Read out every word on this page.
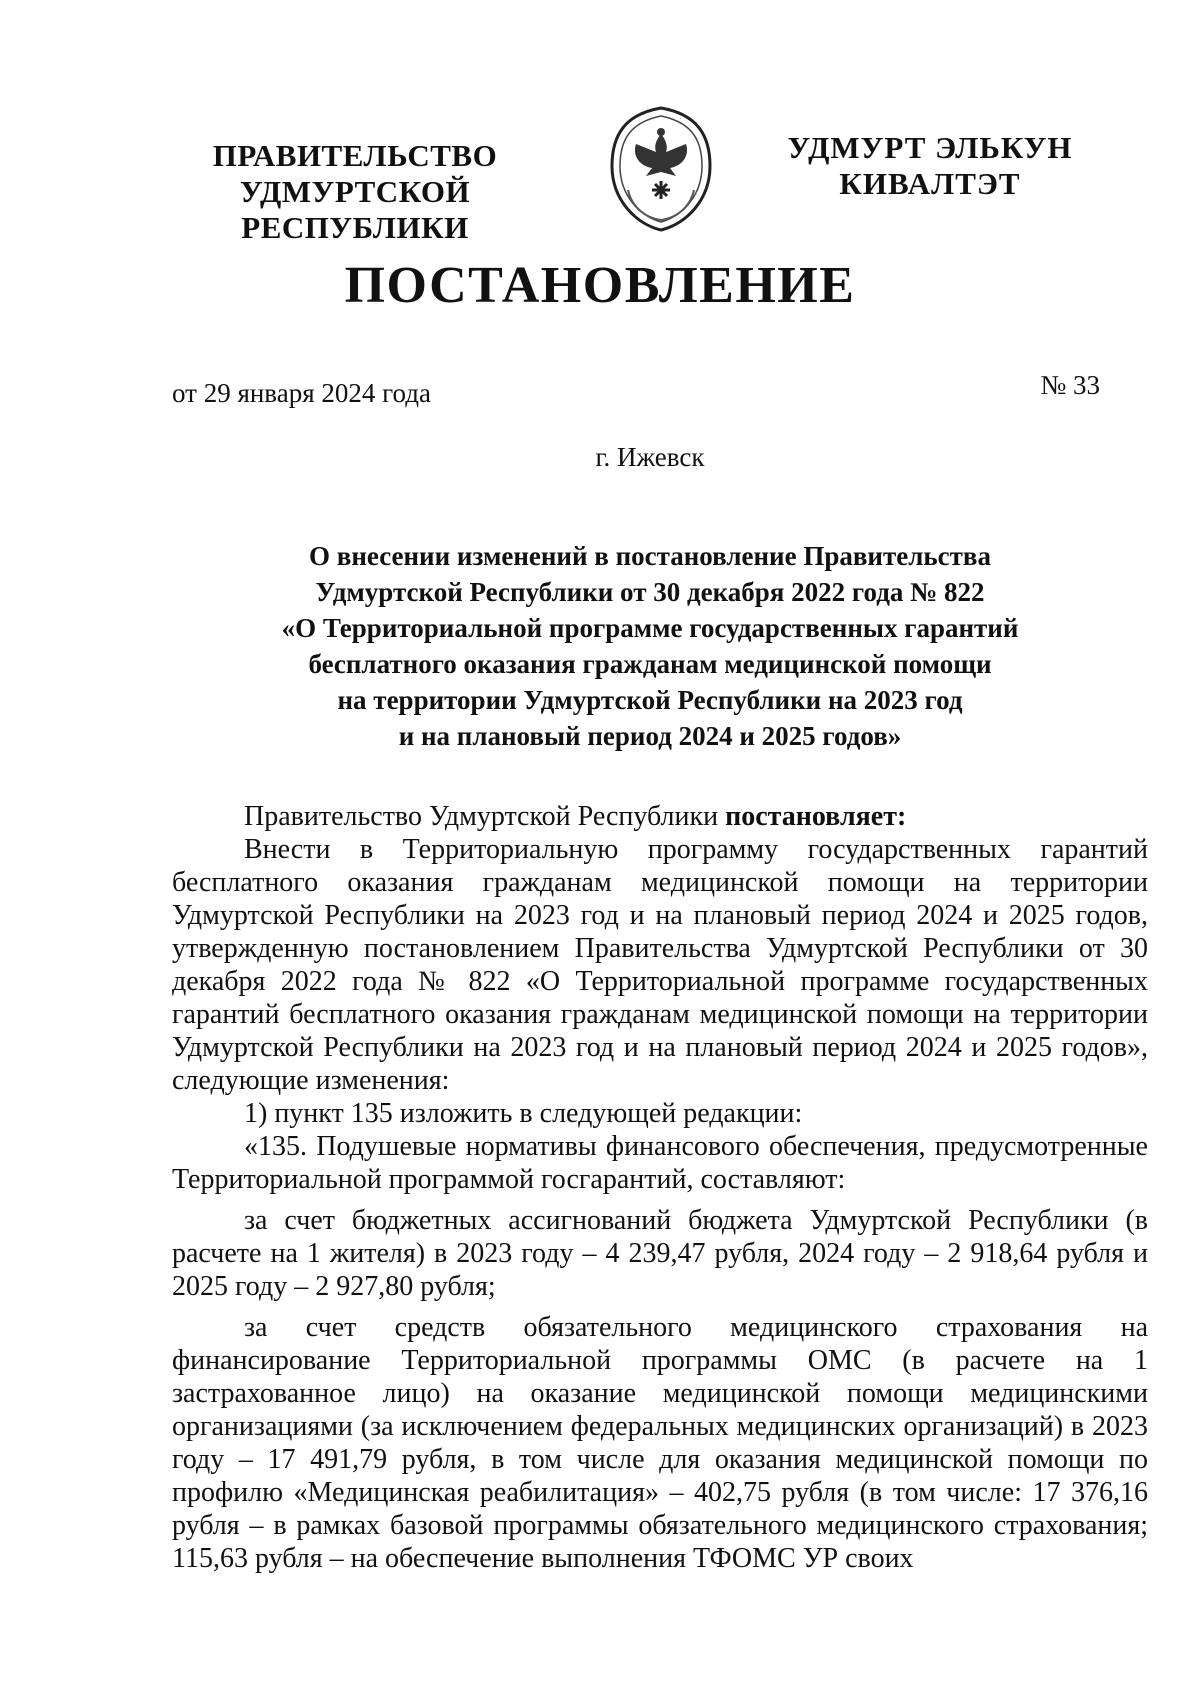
ПРАВИТЕЛЬСТВО
УДМУРТСКОЙ РЕСПУБЛИКИ
УДМУРТ ЭЛЬКУН
КИВАЛТЭТ
ПОСТАНОВЛЕНИЕ
от 29 января 2024 года	№ 33
г. Ижевск
О внесении изменений в постановление Правительства
Удмуртской Республики от 30 декабря 2022 года № 822
«О Территориальной программе государственных гарантий
бесплатного оказания гражданам медицинской помощи
на территории Удмуртской Республики на 2023 год
и на плановый период 2024 и 2025 годов»

Правительство Удмуртской Республики постановляет:

Внести в Территориальную программу государственных гарантий бесплатного оказания гражданам медицинской помощи на территории Удмуртской Республики на 2023 год и на плановый период 2024 и 2025 годов, утвержденную постановлением Правительства Удмуртской Республики от 30 декабря 2022 года № 822 «О Территориальной программе государственных гарантий бесплатного оказания гражданам медицинской помощи на территории Удмуртской Республики на 2023 год и на плановый период 2024 и 2025 годов», следующие изменения:

1) пункт 135 изложить в следующей редакции:

«135. Подушевые нормативы финансового обеспечения, предусмотренные Территориальной программой госгарантий, составляют:

за счет бюджетных ассигнований бюджета Удмуртской Республики (в расчете на 1 жителя) в 2023 году – 4 239,47 рубля, 2024 году – 2 918,64 рубля и 2025 году – 2 927,80 рубля;

за счет средств обязательного медицинского страхования на финансирование Территориальной программы ОМС (в расчете на 1 застрахованное лицо) на оказание медицинской помощи медицинскими организациями (за исключением федеральных медицинских организаций) в 2023 году – 17 491,79 рубля, в том числе для оказания медицинской помощи по профилю «Медицинская реабилитация» – 402,75 рубля (в том числе: 17 376,16 рубля – в рамках базовой программы обязательного медицинского страхования; 115,63 рубля – на обеспечение выполнения ТФОМС УР своих
